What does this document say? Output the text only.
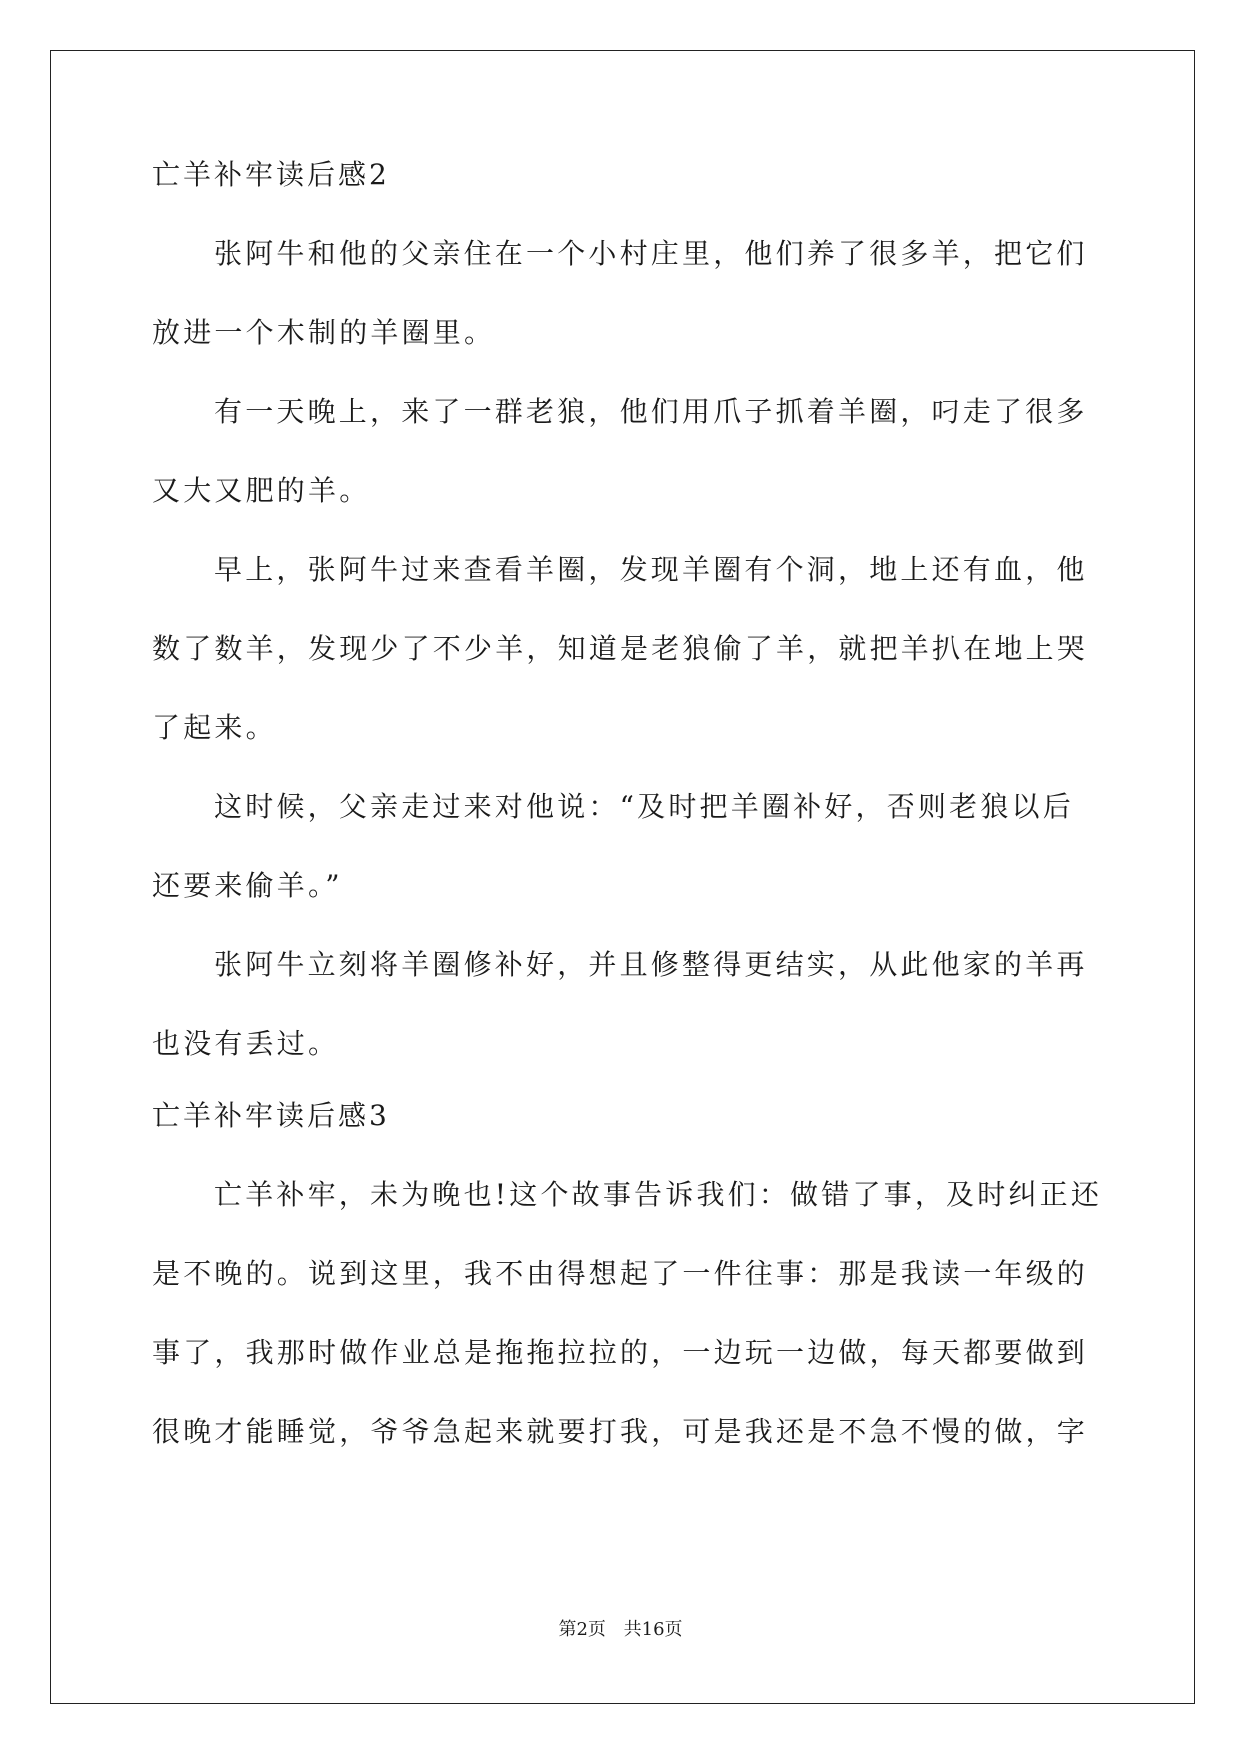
亡羊补牢读后感2
张阿牛和他的父亲住在一个小村庄里，他们养了很多羊，把它们
放进一个木制的羊圈里。
有一天晚上，来了一群老狼，他们用爪子抓着羊圈，叼走了很多
又大又肥的羊。
早上，张阿牛过来查看羊圈，发现羊圈有个洞，地上还有血，他
数了数羊，发现少了不少羊，知道是老狼偷了羊，就把羊扒在地上哭
了起来。
这时候，父亲走过来对他说：“及时把羊圈补好，否则老狼以后
还要来偷羊。”
张阿牛立刻将羊圈修补好，并且修整得更结实，从此他家的羊再
也没有丢过。
亡羊补牢读后感3
亡羊补牢，未为晚也!这个故事告诉我们：做错了事，及时纠正还
是不晚的。说到这里，我不由得想起了一件往事：那是我读一年级的
事了，我那时做作业总是拖拖拉拉的，一边玩一边做，每天都要做到
很晚才能睡觉，爷爷急起来就要打我，可是我还是不急不慢的做，字
第2页 共16页
